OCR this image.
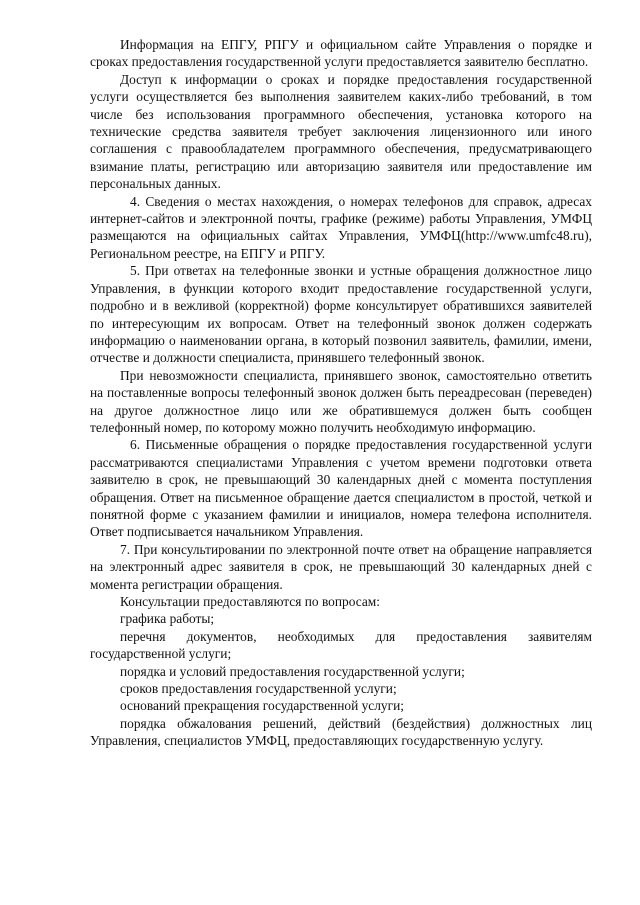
Информация на ЕПГУ, РПГУ и официальном сайте Управления о порядке и сроках предоставления государственной услуги предоставляется заявителю бесплатно.

Доступ к информации о сроках и порядке предоставления государственной услуги осуществляется без выполнения заявителем каких-либо требований, в том числе без использования программного обеспечения, установка которого на технические средства заявителя требует заключения лицензионного или иного соглашения с правообладателем программного обеспечения, предусматривающего взимание платы, регистрацию или авторизацию заявителя или предоставление им персональных данных.

4. Сведения о местах нахождения, о номерах телефонов для справок, адресах интернет-сайтов и электронной почты, графике (режиме) работы Управления, УМФЦ размещаются на официальных сайтах Управления, УМФЦ(http://www.umfc48.ru), Региональном реестре, на ЕПГУ и РПГУ.

5. При ответах на телефонные звонки и устные обращения должностное лицо Управления, в функции которого входит предоставление государственной услуги, подробно и в вежливой (корректной) форме консультирует обратившихся заявителей по интересующим их вопросам. Ответ на телефонный звонок должен содержать информацию о наименовании органа, в который позвонил заявитель, фамилии, имени, отчестве и должности специалиста, принявшего телефонный звонок.

При невозможности специалиста, принявшего звонок, самостоятельно ответить на поставленные вопросы телефонный звонок должен быть переадресован (переведен) на другое должностное лицо или же обратившемуся должен быть сообщен телефонный номер, по которому можно получить необходимую информацию.

6. Письменные обращения о порядке предоставления государственной услуги рассматриваются специалистами Управления с учетом времени подготовки ответа заявителю в срок, не превышающий 30 календарных дней с момента поступления обращения. Ответ на письменное обращение дается специалистом в простой, четкой и понятной форме с указанием фамилии и инициалов, номера телефона исполнителя. Ответ подписывается начальником Управления.

7. При консультировании по электронной почте ответ на обращение направляется на электронный адрес заявителя в срок, не превышающий 30 календарных дней с момента регистрации обращения.

Консультации предоставляются по вопросам:

графика работы;

перечня документов, необходимых для предоставления заявителям государственной услуги;

порядка и условий предоставления государственной услуги;

сроков предоставления государственной услуги;

оснований прекращения государственной услуги;

порядка обжалования решений, действий (бездействия) должностных лиц Управления, специалистов УМФЦ, предоставляющих государственную услугу.
